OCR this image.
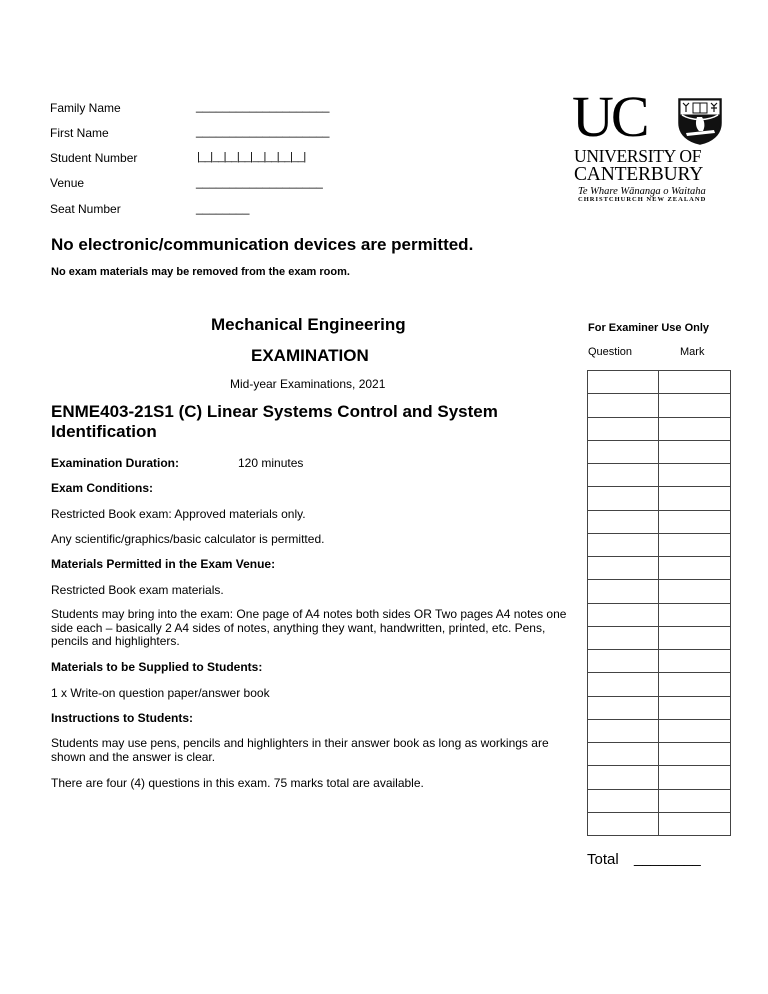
Family Name	____________________
First Name	____________________
Student Number	|__|__|__|__|__|__|__|__|
Venue	___________________
Seat Number	________
UC
UNIVERSITY OF
CANTERBURY
Te Whare Wānanga o Waitaha
CHRISTCHURCH NEW ZEALAND
No electronic/communication devices are permitted.
No exam materials may be removed from the exam room.
Mechanical Engineering
EXAMINATION
Mid-year Examinations, 2021
ENME403-21S1 (C) Linear Systems Control and System Identification
Examination Duration:	120 minutes
Exam Conditions:
Restricted Book exam: Approved materials only.
Any scientific/graphics/basic calculator is permitted.
Materials Permitted in the Exam Venue:
Restricted Book exam materials.
Students may bring into the exam: One page of A4 notes both sides OR Two pages A4 notes one side each – basically 2 A4 sides of notes, anything they want, handwritten, printed, etc. Pens, pencils and highlighters.
Materials to be Supplied to Students:
1 x Write-on question paper/answer book
Instructions to Students:
Students may use pens, pencils and highlighters in their answer book as long as workings are shown and the answer is clear.
There are four (4) questions in this exam. 75 marks total are available.
For Examiner Use Only
Question	Mark

Total ________
